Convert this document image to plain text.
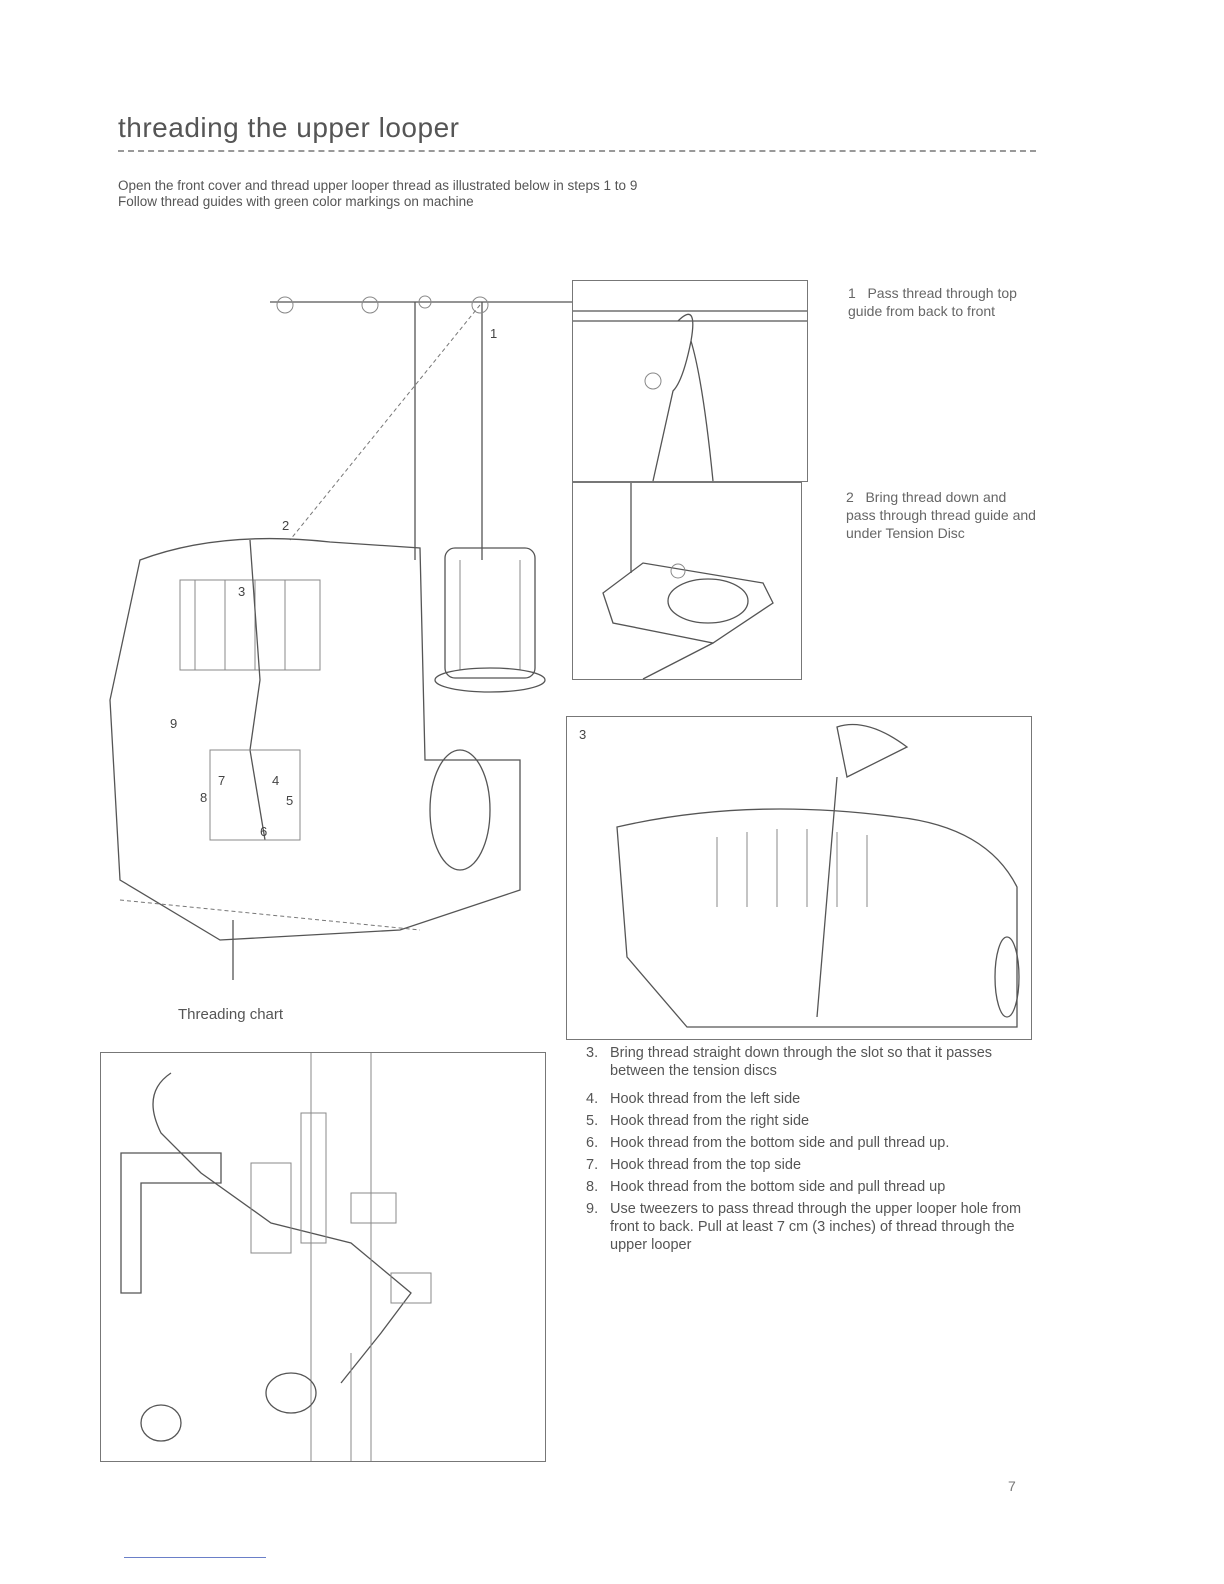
threading the upper looper

Open the front cover and thread upper looper thread as illustrated below in steps 1 to 9

Follow thread guides with green color markings on machine

1
2
3
4
5
6
7
8
9
Threading chart
1 Pass thread through top guide from back to front
2 Bring thread down and pass through thread guide and under Tension Disc
3
3. Bring thread straight down through the slot so that it passes between the tension discs
4. Hook thread from the left side
5. Hook thread from the right side
6. Hook thread from the bottom side and pull thread up.
7. Hook thread from the top side
8. Hook thread from the bottom side and pull thread up
9. Use tweezers to pass thread through the upper looper hole from front to back. Pull at least 7 cm (3 inches) of thread through the upper looper
7
